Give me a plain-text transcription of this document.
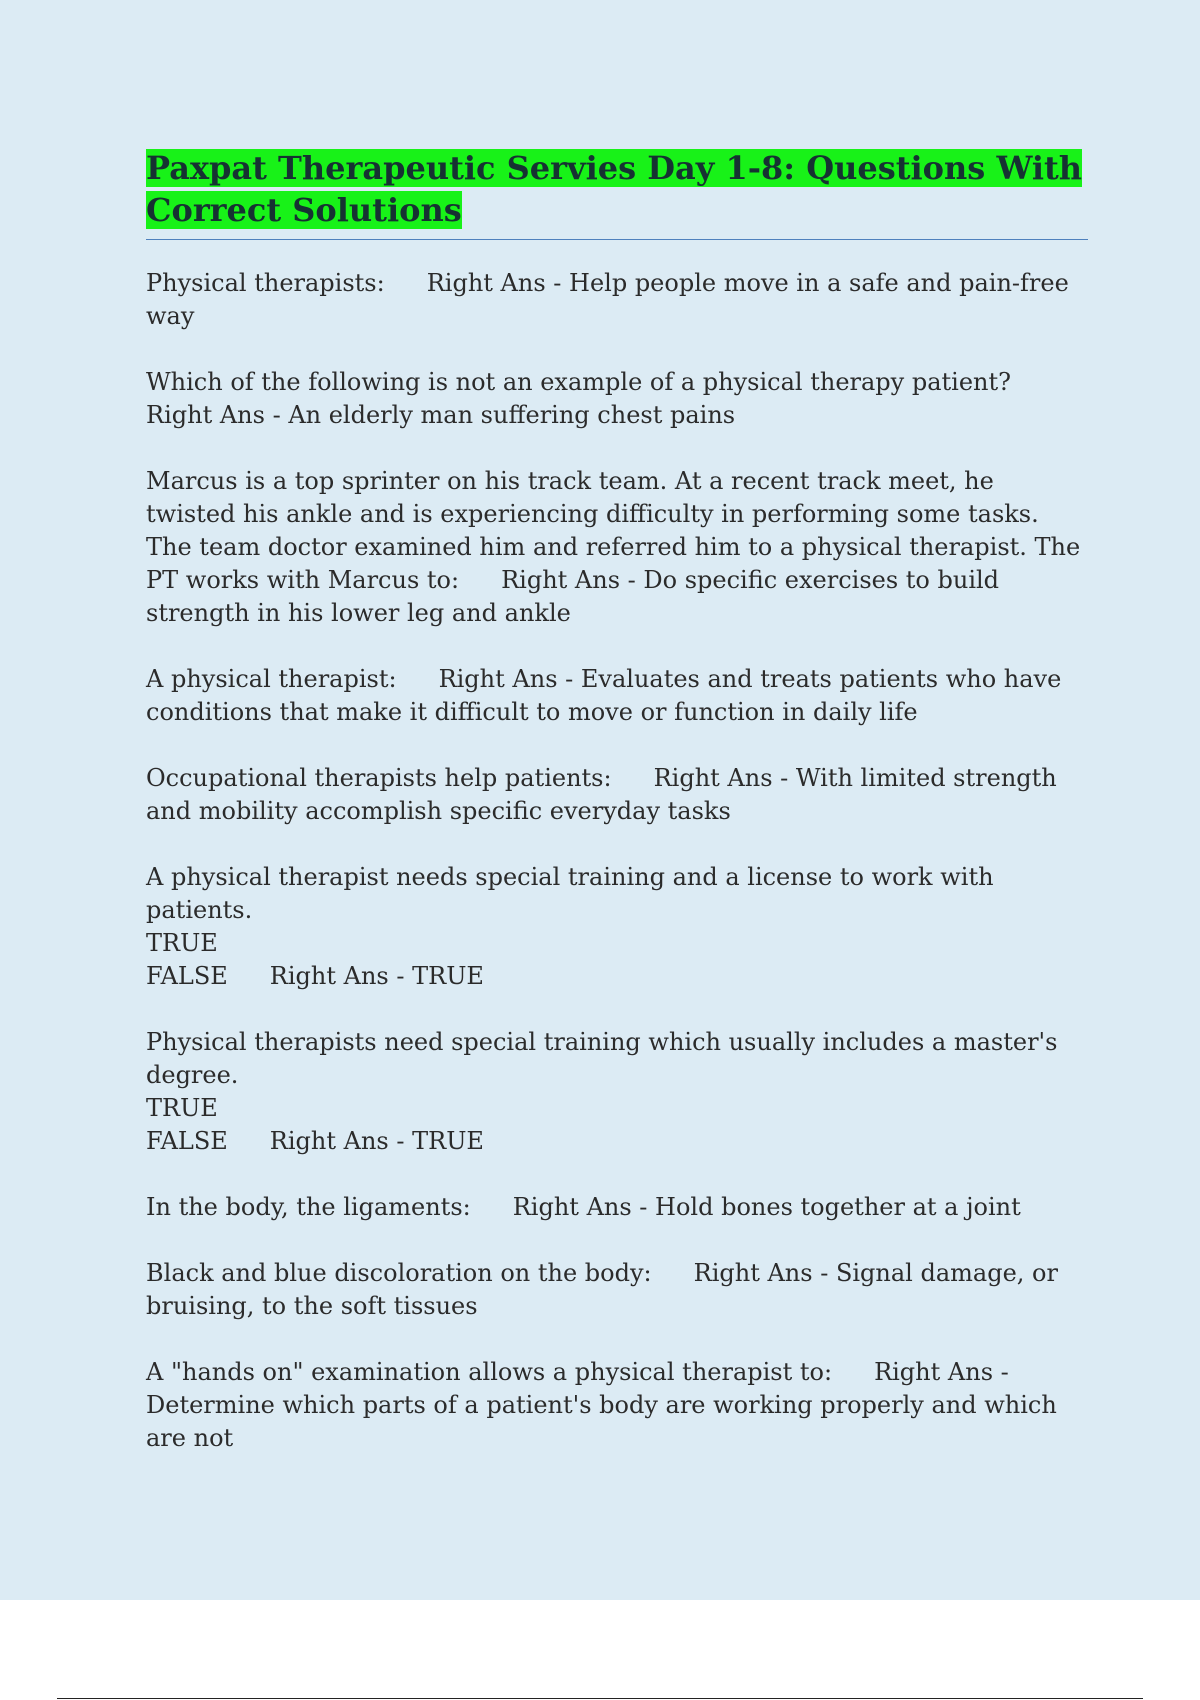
Paxpat Therapeutic Servies Day 1-8: Questions With Correct Solutions

Physical therapists: Right Ans - Help people move in a safe and pain-free way

Which of the following is not an example of a physical therapy patient?Right Ans - An elderly man suffering chest pains

Marcus is a top sprinter on his track team. At a recent track meet, he twisted his ankle and is experiencing difficulty in performing some tasks. The team doctor examined him and referred him to a physical therapist. The PT works with Marcus to: Right Ans - Do specific exercises to build strength in his lower leg and ankle

A physical therapist: Right Ans - Evaluates and treats patients who have conditions that make it difficult to move or function in daily life

Occupational therapists help patients: Right Ans - With limited strength and mobility accomplish specific everyday tasks

A physical therapist needs special training and a license to work with patients.
TRUE
FALSE Right Ans - TRUE

Physical therapists need special training which usually includes a master's degree.
TRUE
FALSE Right Ans - TRUE

In the body, the ligaments: Right Ans - Hold bones together at a joint

Black and blue discoloration on the body: Right Ans - Signal damage, or bruising, to the soft tissues

A "hands on" examination allows a physical therapist to: Right Ans - Determine which parts of a patient's body are working properly and which are not
